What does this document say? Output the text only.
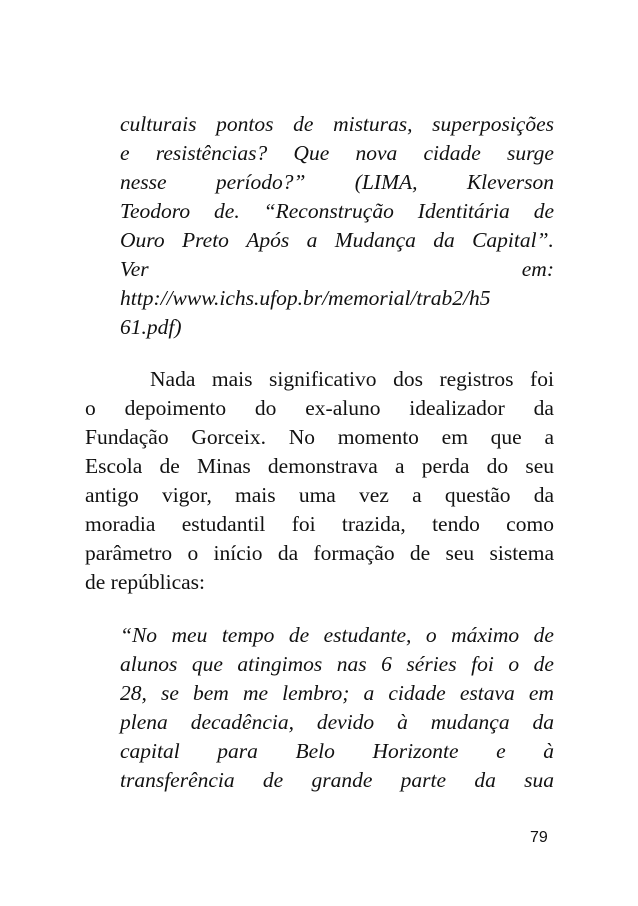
culturais pontos de misturas, superposições
e resistências? Que nova cidade surge
nesse período?” (LIMA, Kleverson
Teodoro de. “Reconstrução Identitária de
Ouro Preto Após a Mudança da Capital”.
Ver	em:
http://www.ichs.ufop.br/memorial/trab2/h5
61.pdf)
Nada mais significativo dos registros foi
o depoimento do ex-aluno idealizador da
Fundação Gorceix. No momento em que a
Escola de Minas demonstrava a perda do seu
antigo vigor, mais uma vez a questão da
moradia estudantil foi trazida, tendo como
parâmetro o início da formação de seu sistema
de repúblicas:
“No meu tempo de estudante, o máximo de
alunos que atingimos nas 6 séries foi o de
28, se bem me lembro; a cidade estava em
plena decadência, devido à mudança da
capital para Belo Horizonte e à
transferência de grande parte da sua
79
